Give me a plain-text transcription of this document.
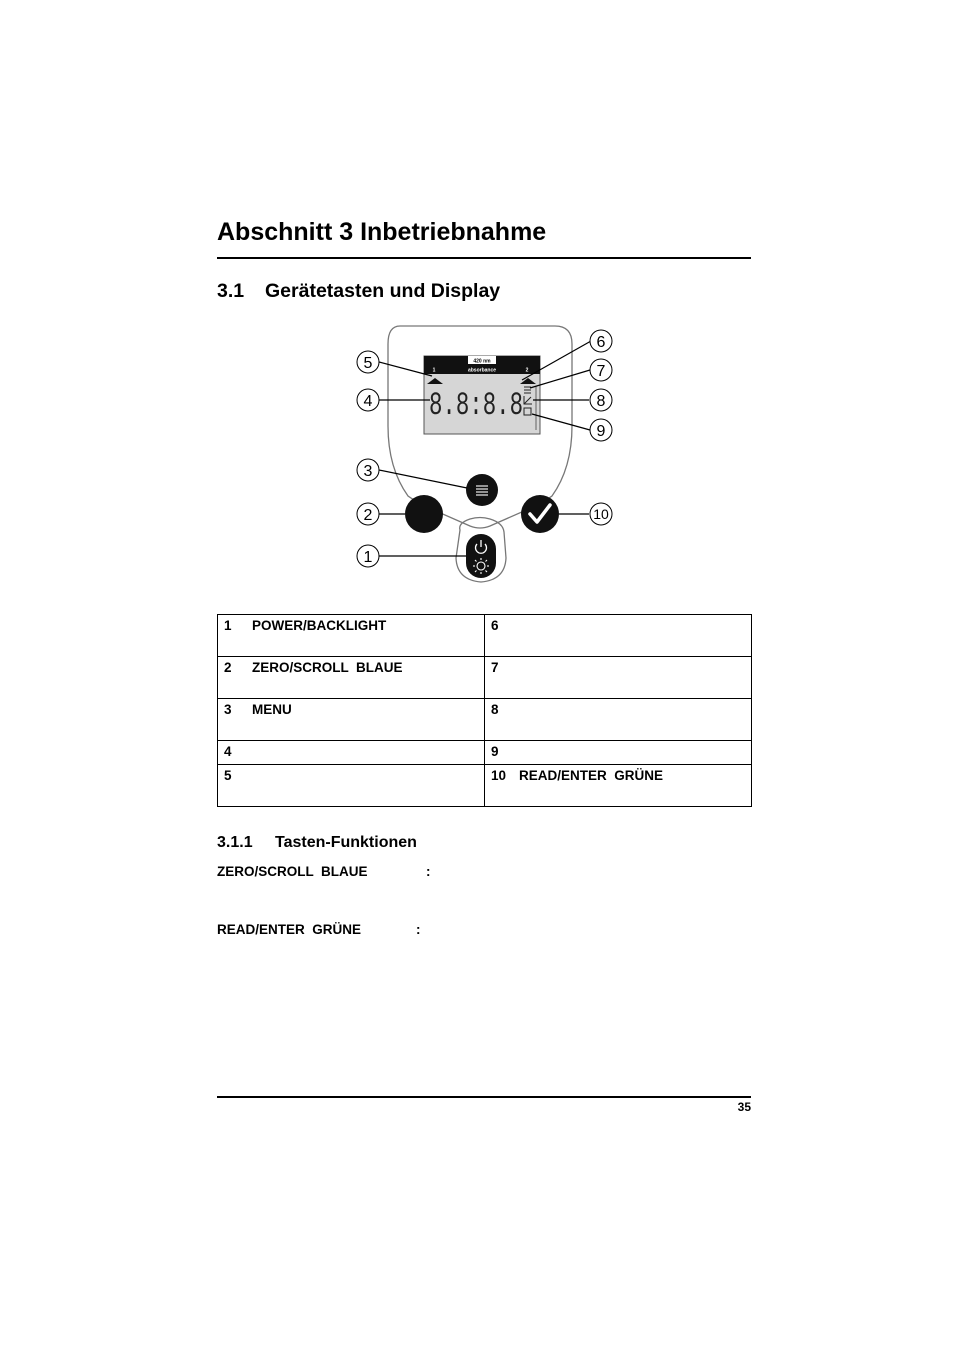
Abschnitt 3 Inbetriebnahme
3.1 Gerätetasten und Display
420 nm
absorbance
1	2
8.8:8.8
5
4
3
2
1
6
7
8
9
10
1 POWER/BACKLIGHT	6
2 ZERO/SCROLL  BLAUE	7
3 MENU	8
4	9
5	10 READ/ENTER  GRÜNE
3.1.1 Tasten-Funktionen
ZERO/SCROLL  BLAUE	:
READ/ENTER  GRÜNE	:
35
